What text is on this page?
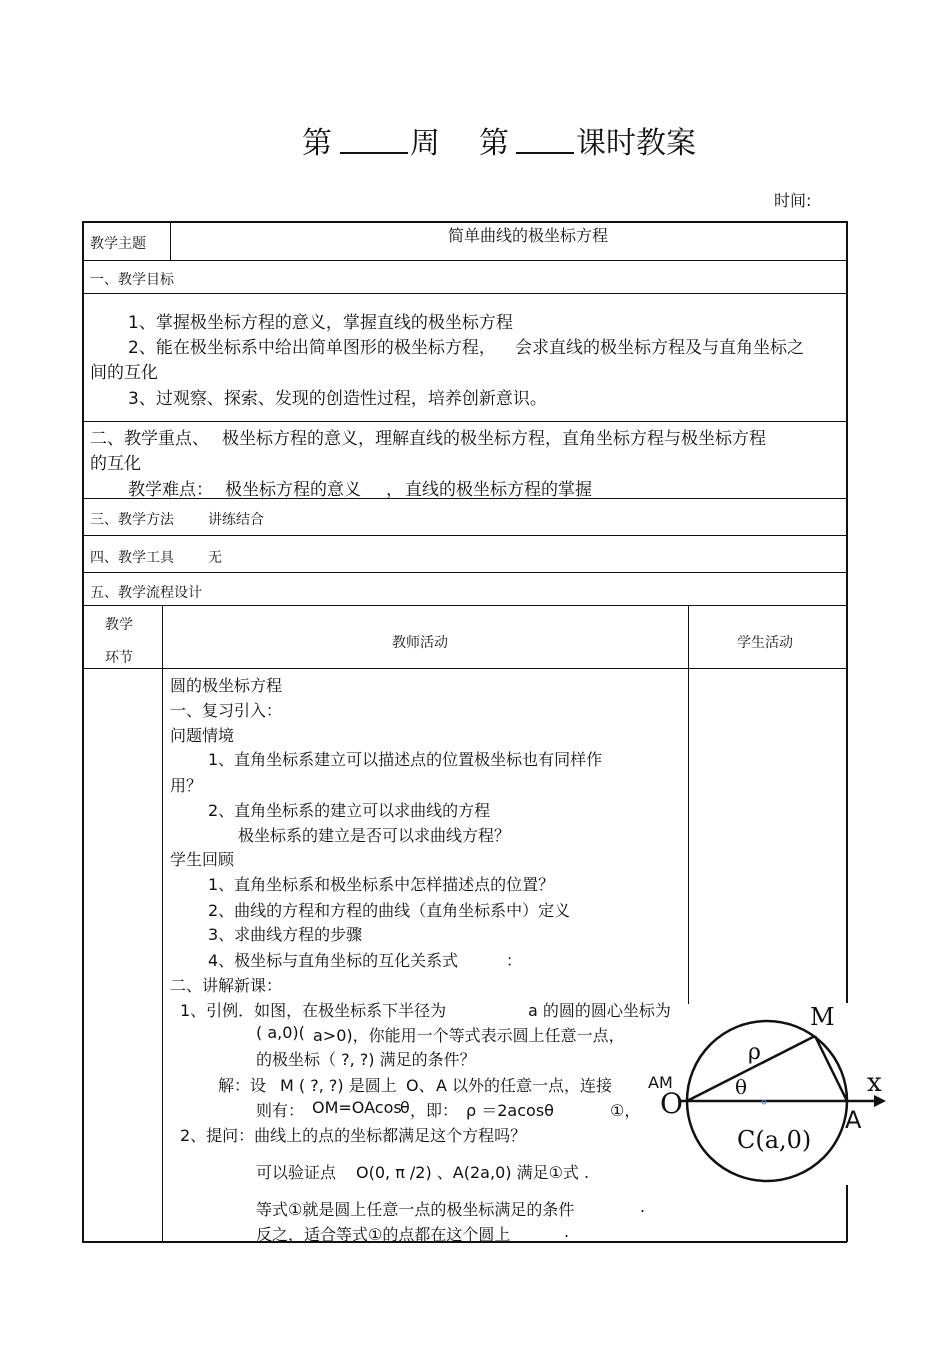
第	周 第 课时教案
时间:
教学主题	简单曲线的极坐标方程
一、教学目标
1、掌握极坐标方程的意义，掌握直线的极坐标方程
2、能在极坐标系中给出简单图形的极坐标方程， 会求直线的极坐标方程及与直角坐标之
间的互化
3、过观察、探索、发现的创造性过程，培养创新意识。
二、 教学重点、 极坐标方程的意义，理解直线的极坐标方程，直角坐标方程与极坐标方程
的互化
教学难点： 极坐标方程的意义 ， 直线的极坐标方程的掌握
三、教学方法 讲练结合
四、教学工具 无
五、教学流程设计
教学
环节
教师活动	学生活动
圆的极坐标方程
一、复习引入：
问题情境
1、直角坐标系建立可以描述点的位置极坐标也有同样作
用？
2、直角坐标系的建立可以求曲线的方程
极坐标系的建立是否可以求曲线方程？
学生回顾
1、直角坐标系和极坐标系中怎样描述点的位置？
2、曲线的方程和方程的曲线（直角坐标系中）定义
3、求曲线方程的步骤
4、极坐标与直角坐标的互化关系式	：
二、讲解新课：
1、引例．如图，在极坐标系下半径为	a 的圆的圆心坐标为
( a,0)( a>0)，你能用一个等式表示圆上任意一点，
的极坐标（ ?, ?) 满足的条件？
解：设 M ( ?, ?) 是圆上 O、 A 以外的任意一点，连接 AM
则有： OM=OAcos
θ ，即： ρ ＝2acosθ	①，
2、提问：曲线上的点的坐标都满足这个方程吗？
可以验证点 O(0, π /2) 、A(2a,0) 满足①式 .
等式①就是圆上任意一点的极坐标满足的条件	.
反之，适合等式①的点都在这个圆上	.
M
ρ
θ
O
x
A
C(a,0)
